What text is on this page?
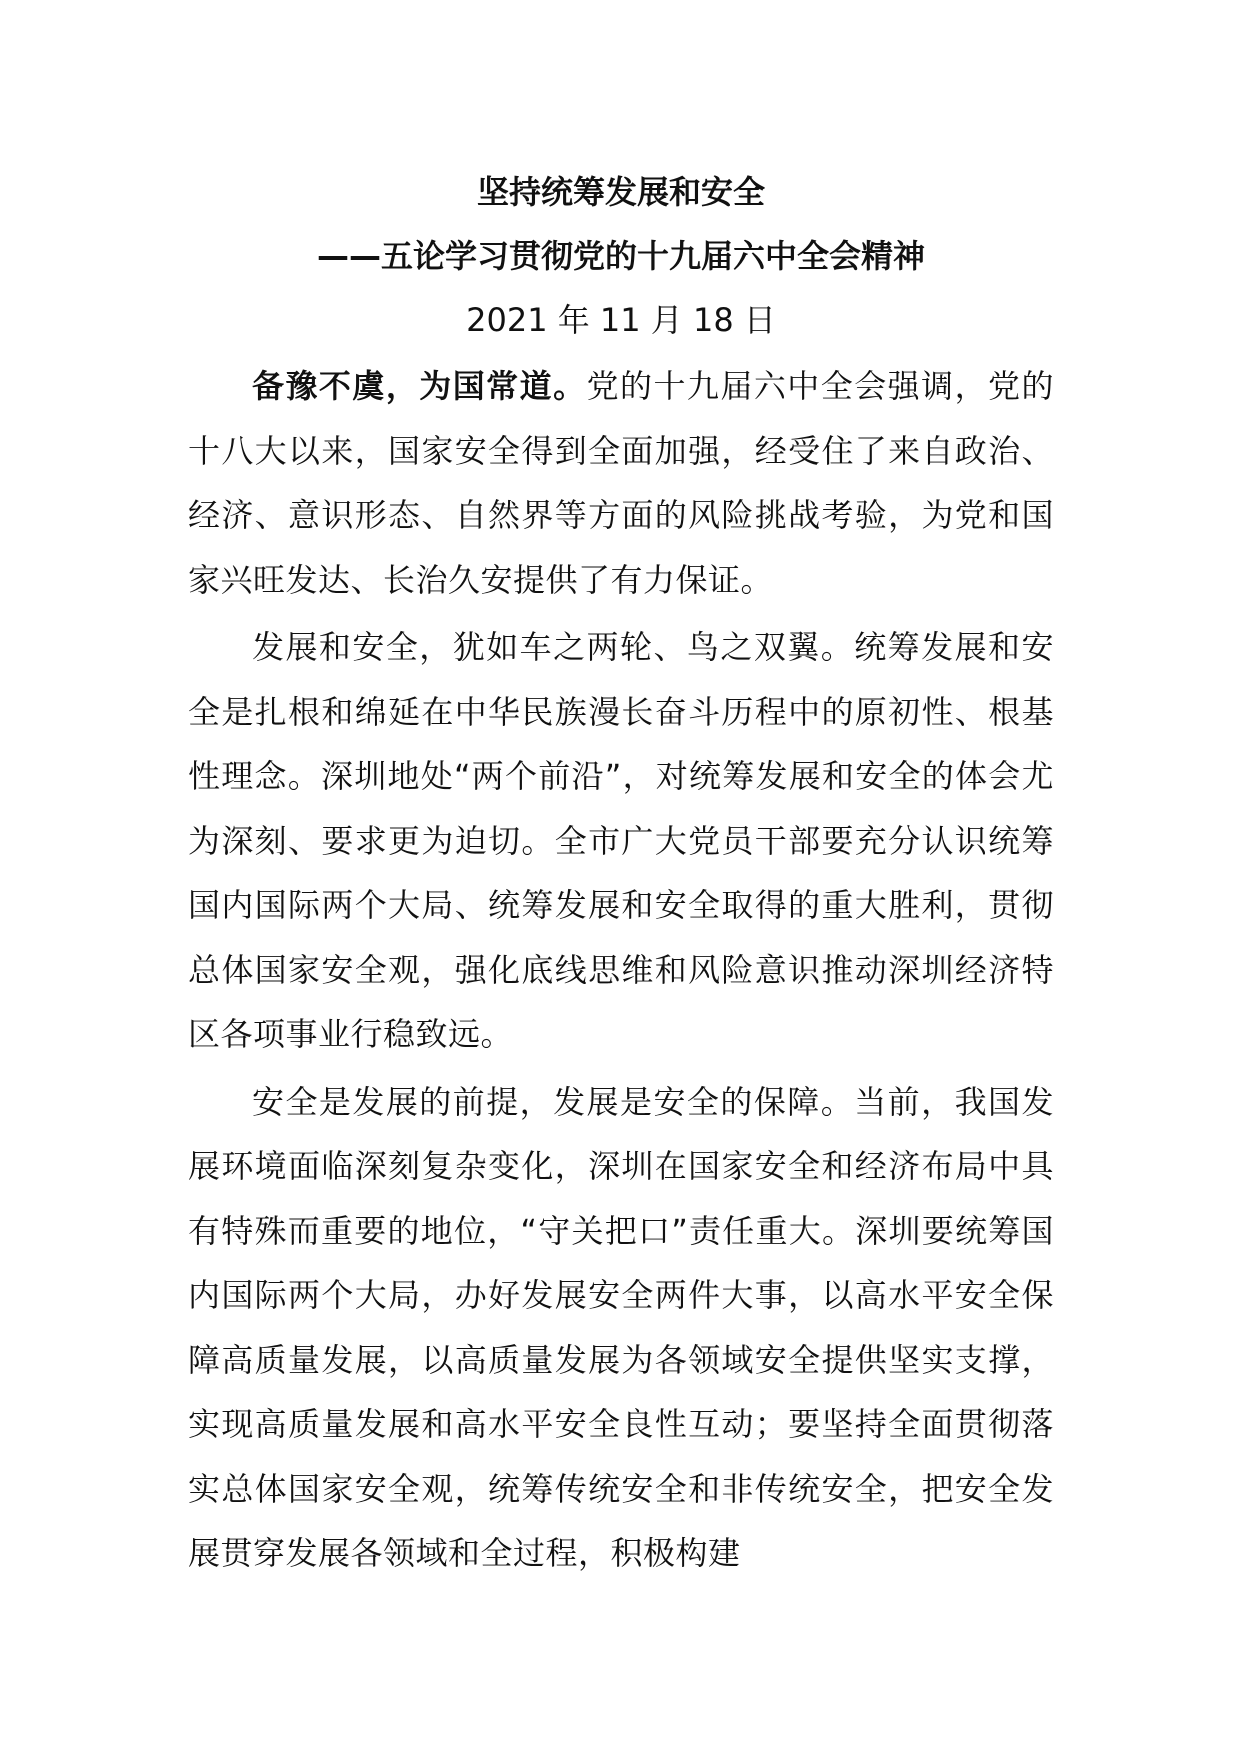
坚持统筹发展和安全
——五论学习贯彻党的十九届六中全会精神
2021 年 11 月 18 日

备豫不虞，为国常道。党的十九届六中全会强调，党的十八大以来，国家安全得到全面加强，经受住了来自政治、经济、意识形态、自然界等方面的风险挑战考验，为党和国家兴旺发达、长治久安提供了有力保证。

发展和安全，犹如车之两轮、鸟之双翼。统筹发展和安全是扎根和绵延在中华民族漫长奋斗历程中的原初性、根基性理念。深圳地处“两个前沿”，对统筹发展和安全的体会尤为深刻、要求更为迫切。全市广大党员干部要充分认识统筹国内国际两个大局、统筹发展和安全取得的重大胜利，贯彻总体国家安全观，强化底线思维和风险意识推动深圳经济特区各项事业行稳致远。

安全是发展的前提，发展是安全的保障。当前，我国发展环境面临深刻复杂变化，深圳在国家安全和经济布局中具有特殊而重要的地位，“守关把口”责任重大。深圳要统筹国内国际两个大局，办好发展安全两件大事，以高水平安全保障高质量发展，以高质量发展为各领域安全提供坚实支撑，实现高质量发展和高水平安全良性互动；要坚持全面贯彻落实总体国家安全观，统筹传统安全和非传统安全，把安全发展贯穿发展各领域和全过程，积极构建
